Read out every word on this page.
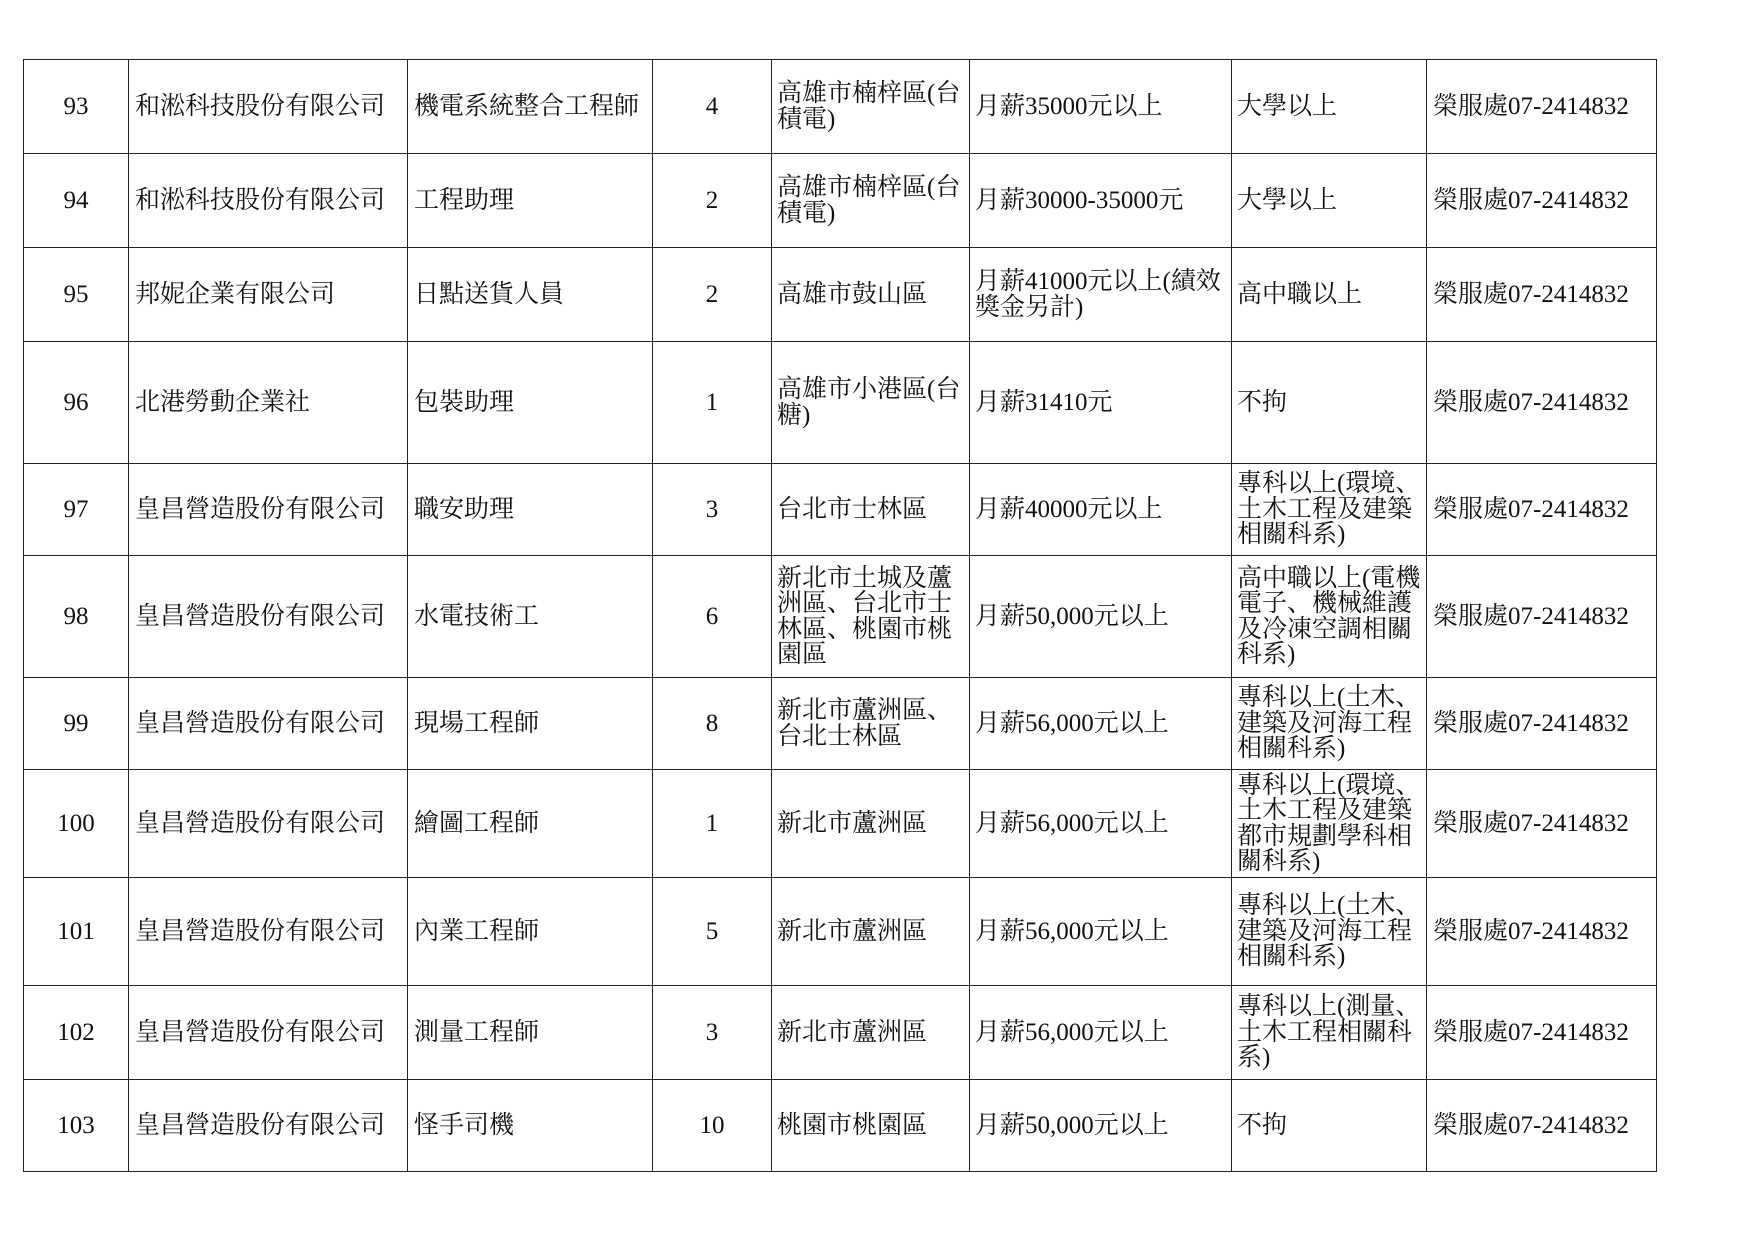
93	和淞科技股份有限公司	機電系統整合工程師	4	高雄市楠梓區(台積電)	月薪35000元以上	大學以上	榮服處07-2414832
94	和淞科技股份有限公司	工程助理	2	高雄市楠梓區(台積電)	月薪30000-35000元	大學以上	榮服處07-2414832
95	邦妮企業有限公司	日點送貨人員	2	高雄市鼓山區	月薪41000元以上(績效獎金另計)	高中職以上	榮服處07-2414832
96	北港勞動企業社	包裝助理	1	高雄市小港區(台糖)	月薪31410元	不拘	榮服處07-2414832
97	皇昌營造股份有限公司	職安助理	3	台北市士林區	月薪40000元以上	專科以上(環境、土木工程及建築相關科系)	榮服處07-2414832
98	皇昌營造股份有限公司	水電技術工	6	新北市土城及蘆洲區、台北市士林區、桃園市桃園區	月薪50,000元以上	高中職以上(電機電子、機械維護及冷凍空調相關科系)	榮服處07-2414832
99	皇昌營造股份有限公司	現場工程師	8	新北市蘆洲區、台北士林區	月薪56,000元以上	專科以上(土木、建築及河海工程相關科系)	榮服處07-2414832
100	皇昌營造股份有限公司	繪圖工程師	1	新北市蘆洲區	月薪56,000元以上	專科以上(環境、土木工程及建築都市規劃學科相關科系)	榮服處07-2414832
101	皇昌營造股份有限公司	內業工程師	5	新北市蘆洲區	月薪56,000元以上	專科以上(土木、建築及河海工程相關科系)	榮服處07-2414832
102	皇昌營造股份有限公司	測量工程師	3	新北市蘆洲區	月薪56,000元以上	專科以上(測量、土木工程相關科系)	榮服處07-2414832
103	皇昌營造股份有限公司	怪手司機	10	桃園市桃園區	月薪50,000元以上	不拘	榮服處07-2414832
